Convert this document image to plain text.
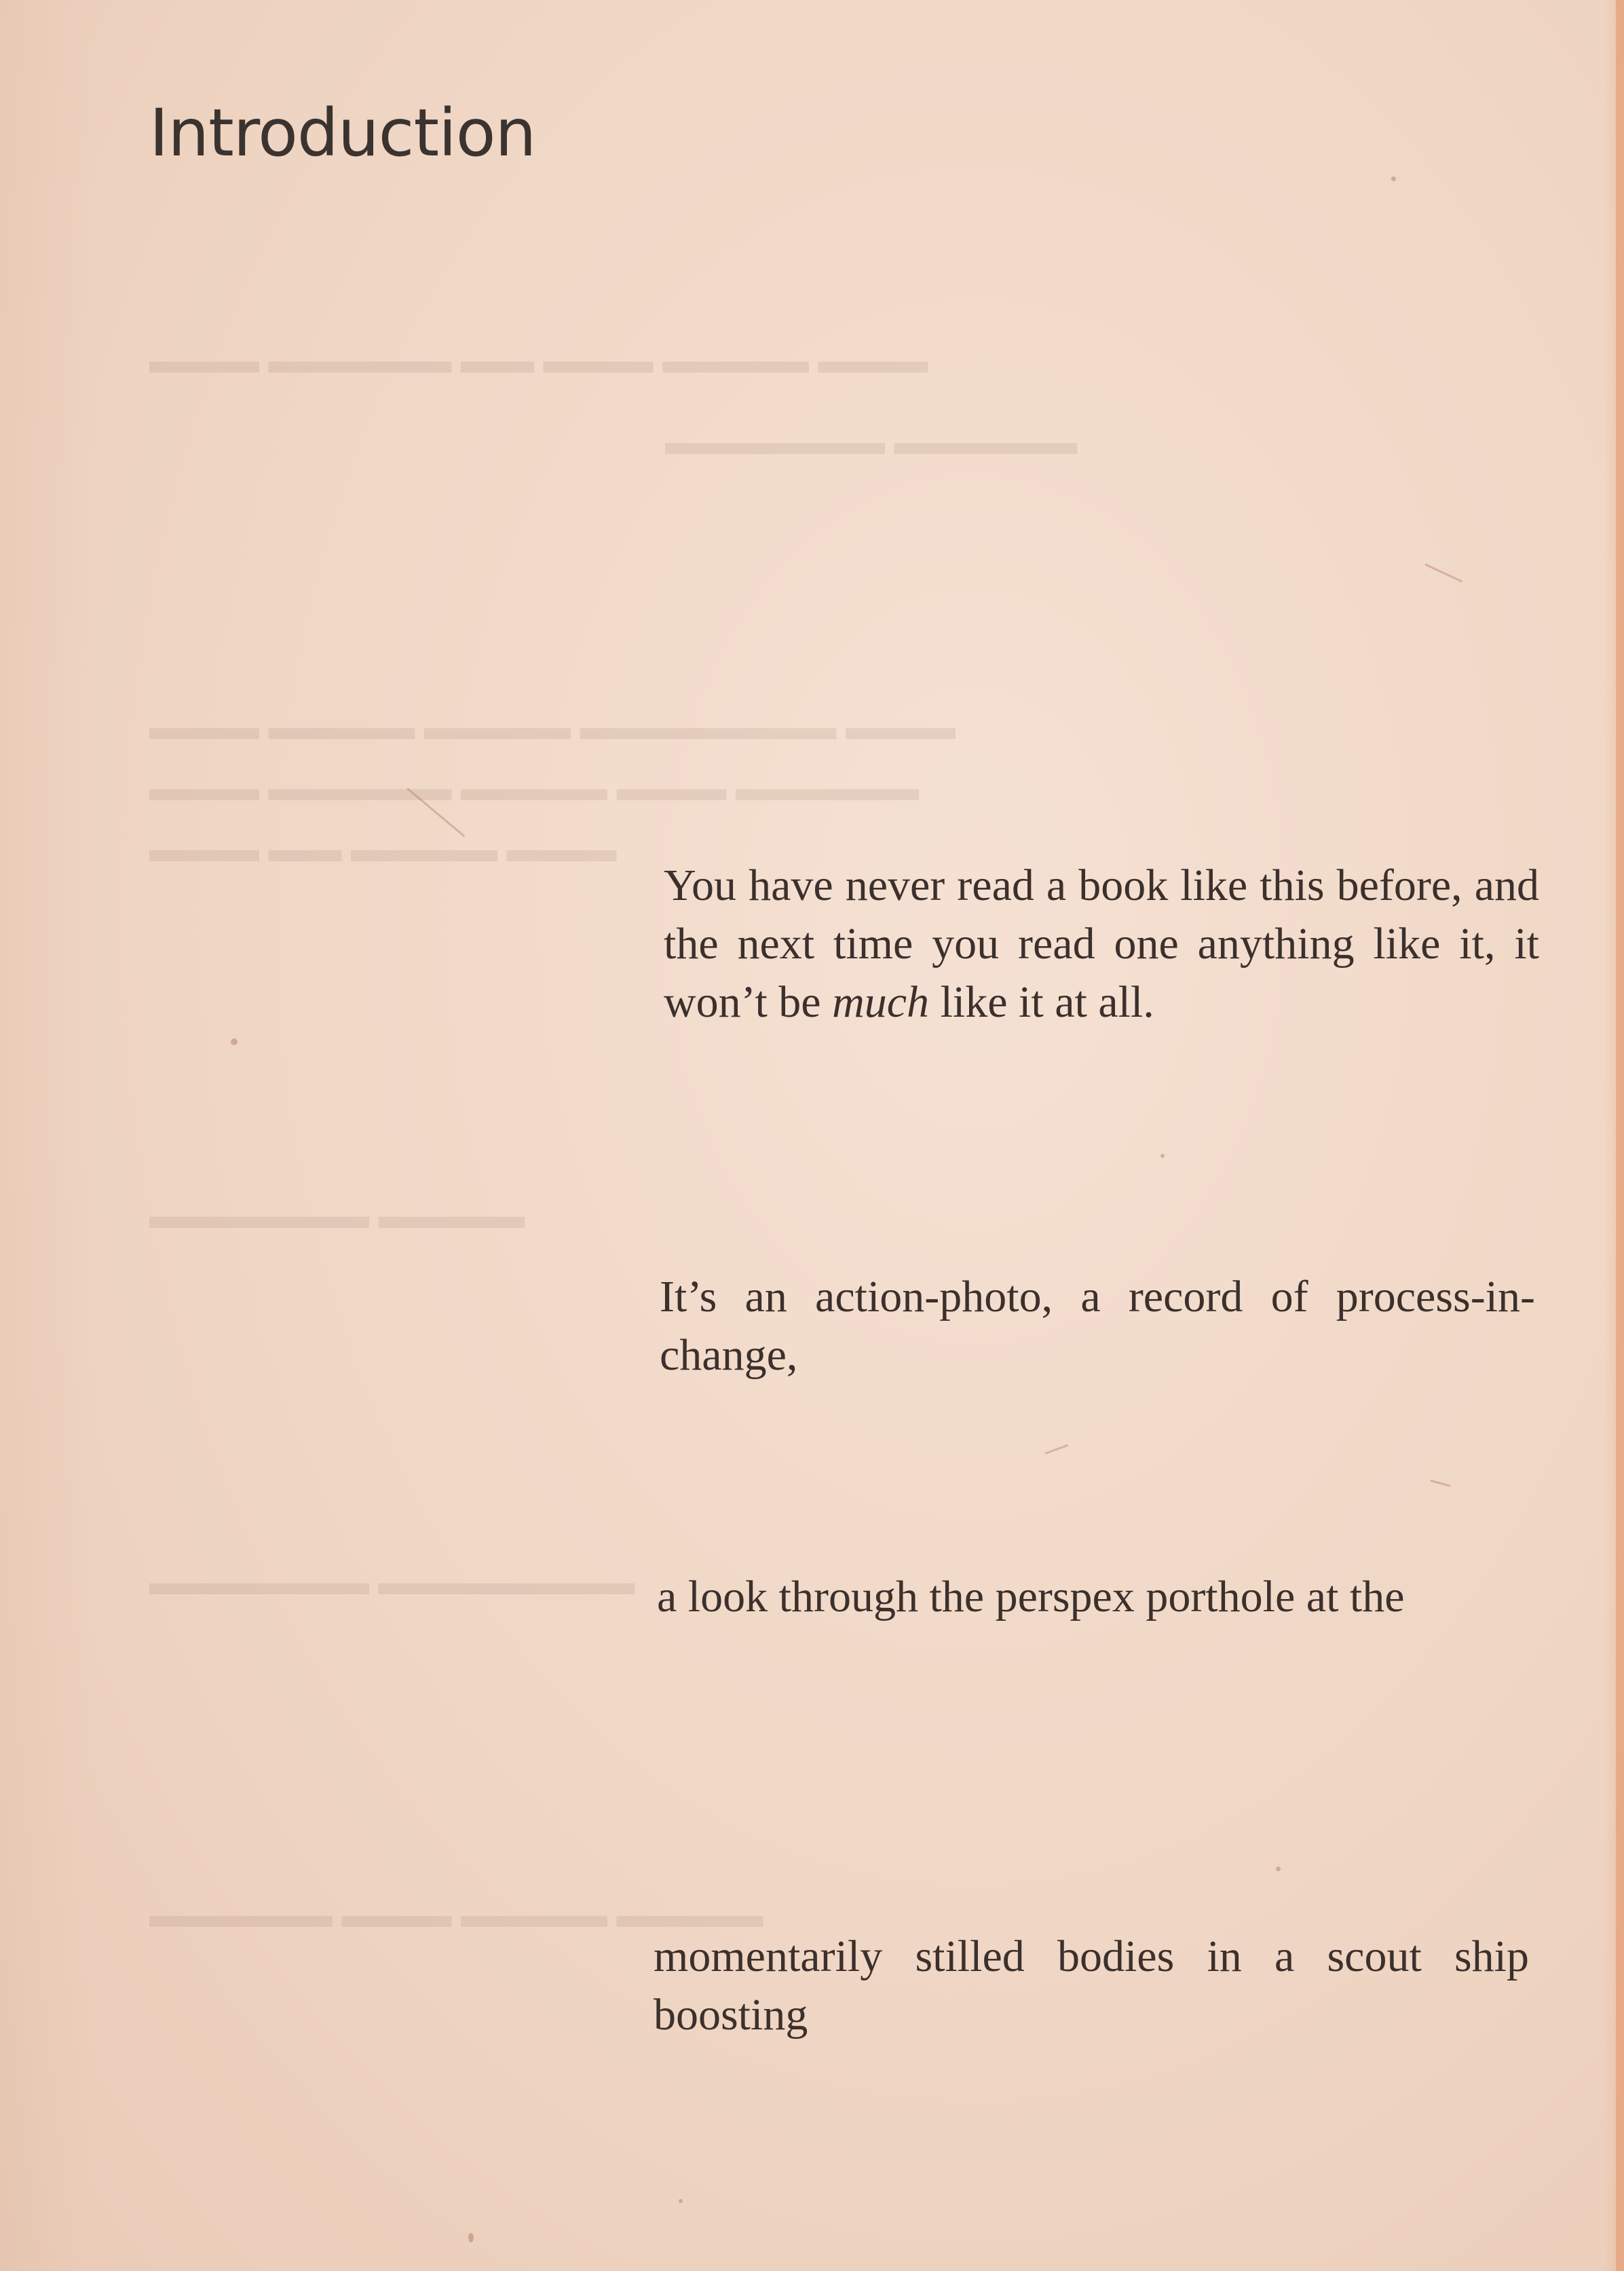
▬▬▬ ▬▬▬▬ ▬▬▬ ▬▬ ▬▬▬▬▬ ▬▬▬
▬▬▬▬▬ ▬▬▬▬▬▬
▬▬▬ ▬▬▬▬▬▬▬ ▬▬▬▬ ▬▬▬▬ ▬▬▬
▬▬▬▬▬ ▬▬▬ ▬▬▬▬ ▬▬▬▬▬ ▬▬▬
▬▬▬ ▬▬▬▬ ▬▬ ▬▬▬
▬▬▬▬ ▬▬▬▬▬▬
▬▬▬▬▬▬▬ ▬▬▬▬▬▬
▬▬▬▬ ▬▬▬▬ ▬▬▬ ▬▬▬▬▬
Introduction

You have never read a book like this before, and the next time you read one anything like it, it won’t be much like it at all.

It’s an action-photo, a record of process-in-change,

a look through the perspex porthole at the

momentarily stilled bodies in a scout ship boosting
